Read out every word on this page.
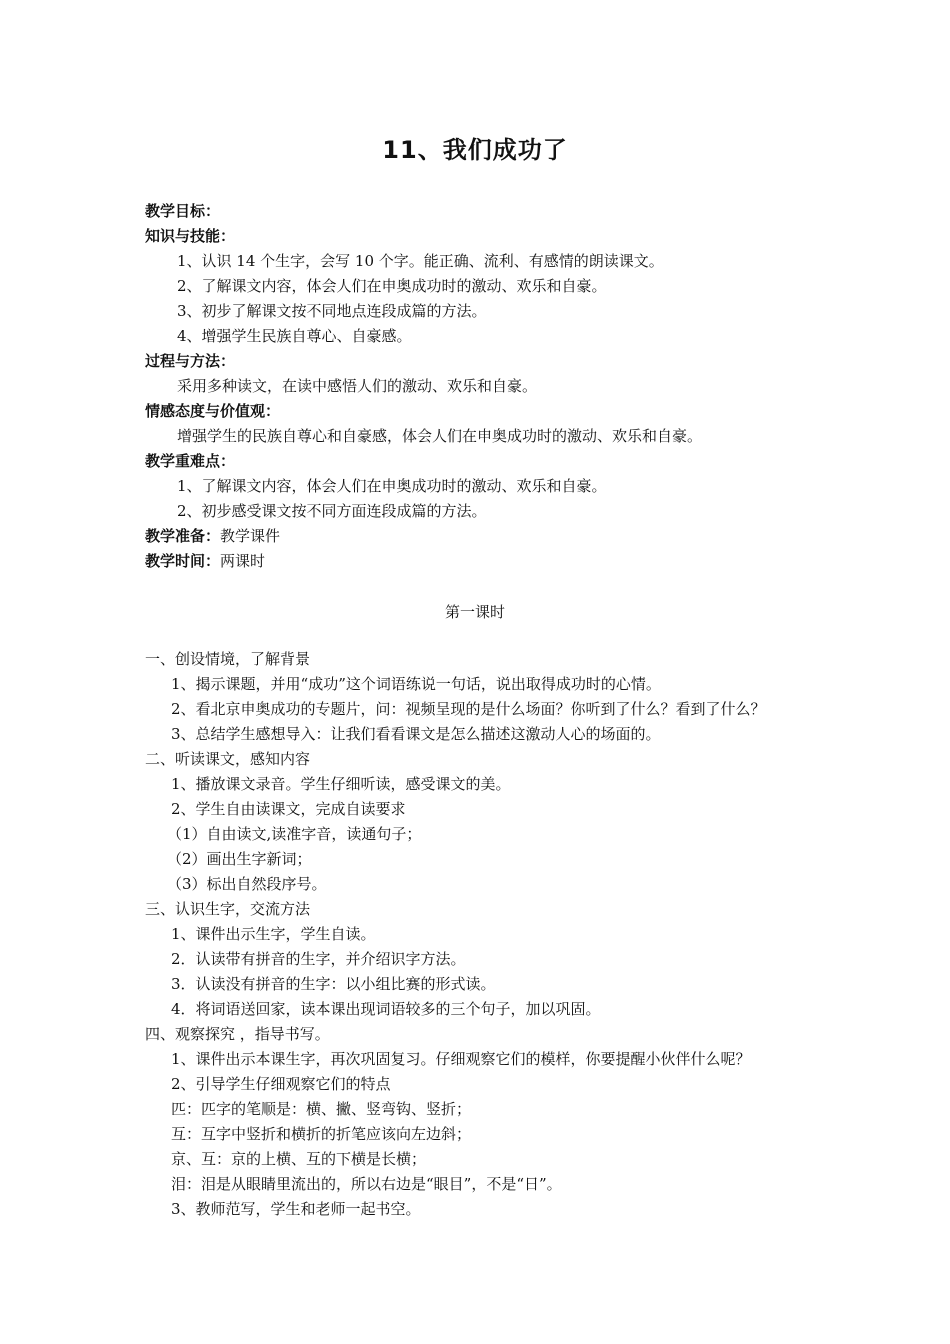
11、我们成功了
教学目标：
知识与技能：
1、认识 14 个生字，会写 10 个字。能正确、流利、有感情的朗读课文。
2、了解课文内容，体会人们在申奥成功时的激动、欢乐和自豪。
3、初步了解课文按不同地点连段成篇的方法。
4、增强学生民族自尊心、自豪感。
过程与方法：
采用多种读文，在读中感悟人们的激动、欢乐和自豪。
情感态度与价值观：
增强学生的民族自尊心和自豪感，体会人们在申奥成功时的激动、欢乐和自豪。
教学重难点：
1、了解课文内容，体会人们在申奥成功时的激动、欢乐和自豪。
2、初步感受课文按不同方面连段成篇的方法。
教学准备：教学课件
教学时间：两课时
第一课时
一、创设情境，了解背景
1、揭示课题，并用“成功”这个词语练说一句话，说出取得成功时的心情。
2、看北京申奥成功的专题片，问：视频呈现的是什么场面？你听到了什么？看到了什么？
3、总结学生感想导入：让我们看看课文是怎么描述这激动人心的场面的。
二、听读课文，感知内容
1、播放课文录音。学生仔细听读，感受课文的美。
2、学生自由读课文，完成自读要求
（1）自由读文,读准字音，读通句子；
（2）画出生字新词；
（3）标出自然段序号。
三、认识生字，交流方法
1、课件出示生字，学生自读。
2．认读带有拼音的生字，并介绍识字方法。
3．认读没有拼音的生字：以小组比赛的形式读。
4．将词语送回家，读本课出现词语较多的三个句子，加以巩固。
四、观察探究 ，指导书写。
1、课件出示本课生字，再次巩固复习。仔细观察它们的模样，你要提醒小伙伴什么呢？
2、引导学生仔细观察它们的特点
匹：匹字的笔顺是：横、撇、竖弯钩、竖折；
互：互字中竖折和横折的折笔应该向左边斜；
京、互：京的上横、互的下横是长横；
泪：泪是从眼睛里流出的，所以右边是“眼目”，不是“日”。
3、教师范写，学生和老师一起书空。
